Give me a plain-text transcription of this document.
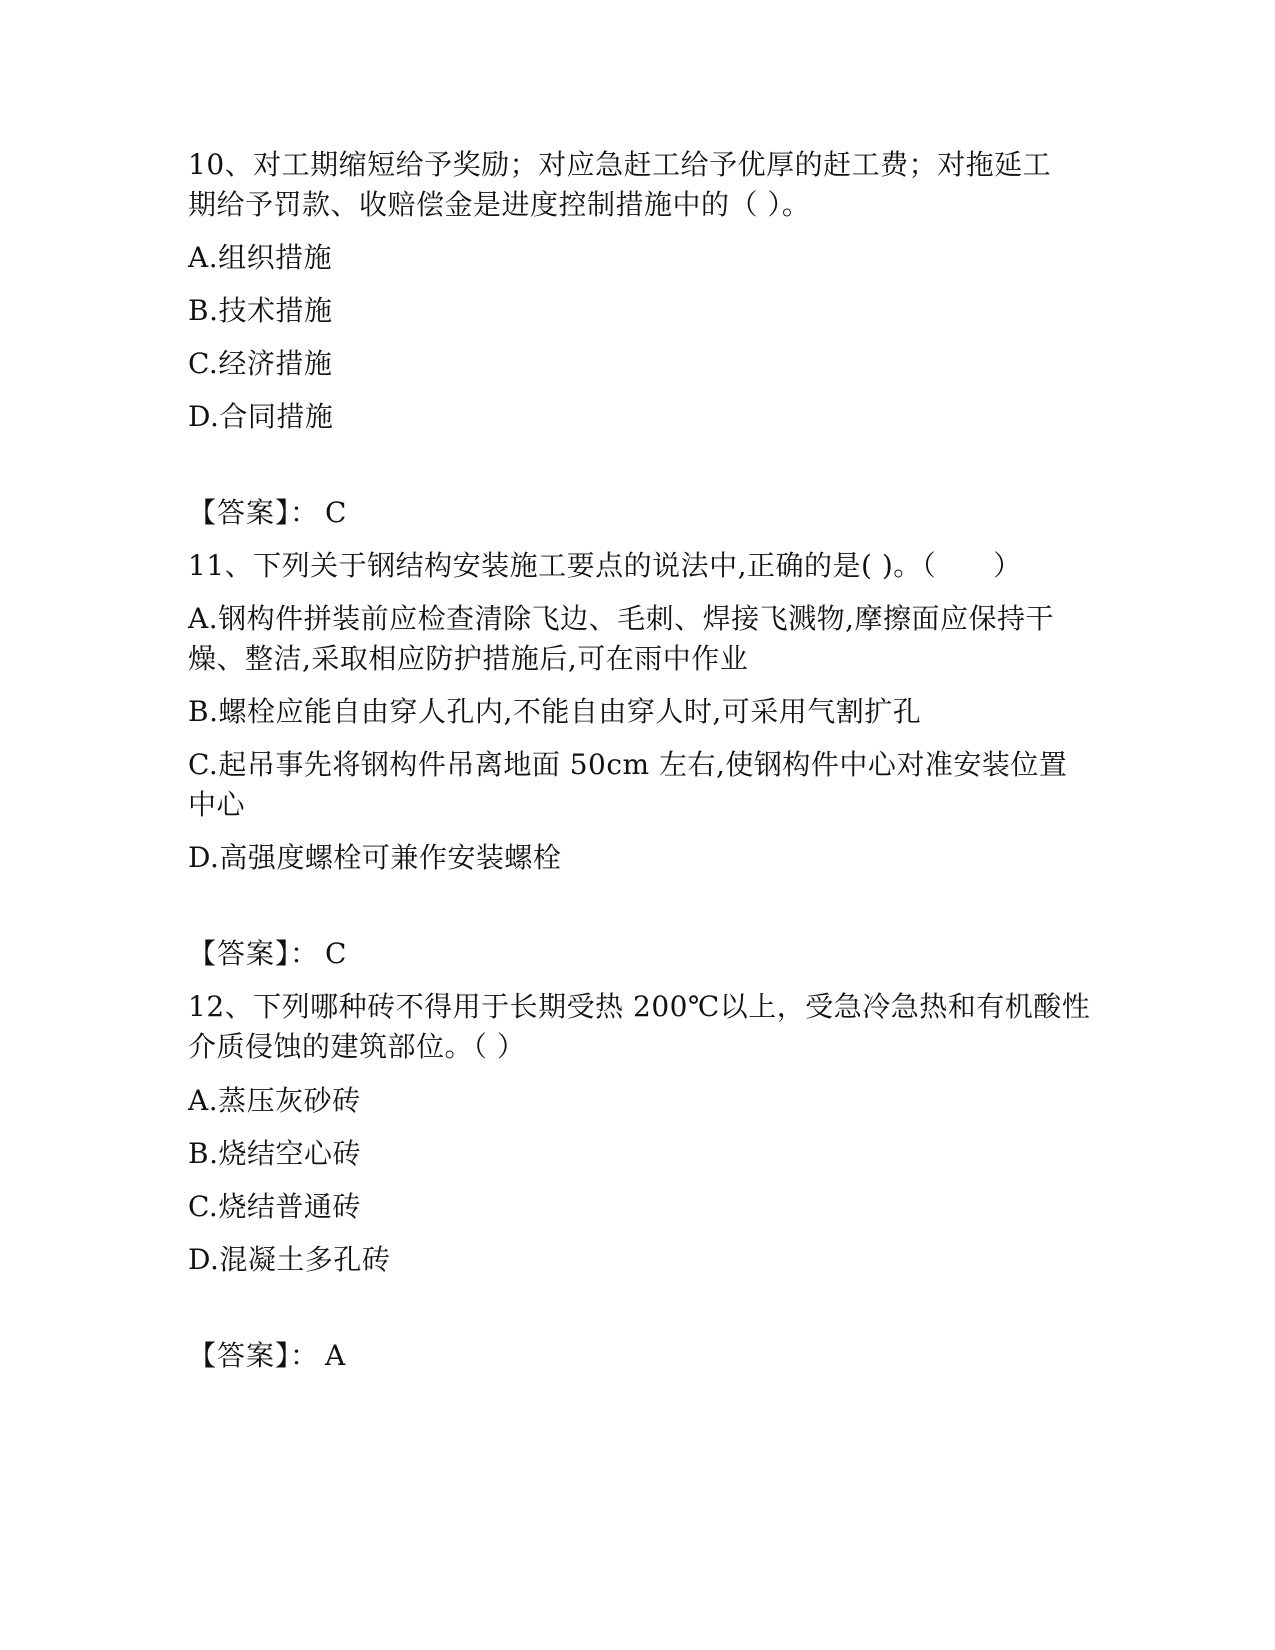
10、对工期缩短给予奖励；对应急赶工给予优厚的赶工费；对拖延工
期给予罚款、收赔偿金是进度控制措施中的（ ）。
A.组织措施
B.技术措施
C.经济措施
D.合同措施
【答案】： C
11、下列关于钢结构安装施工要点的说法中,正确的是( )。（　　）
A.钢构件拼装前应检查清除飞边、毛刺、焊接飞溅物,摩擦面应保持干
燥、整洁,采取相应防护措施后,可在雨中作业
B.螺栓应能自由穿人孔内,不能自由穿人时,可采用气割扩孔
C.起吊事先将钢构件吊离地面 50cm 左右,使钢构件中心对准安装位置
中心
D.高强度螺栓可兼作安装螺栓
【答案】： C
12、下列哪种砖不得用于长期受热 200℃以上，受急冷急热和有机酸性
介质侵蚀的建筑部位。（ ）
A.蒸压灰砂砖
B.烧结空心砖
C.烧结普通砖
D.混凝土多孔砖
【答案】： A
